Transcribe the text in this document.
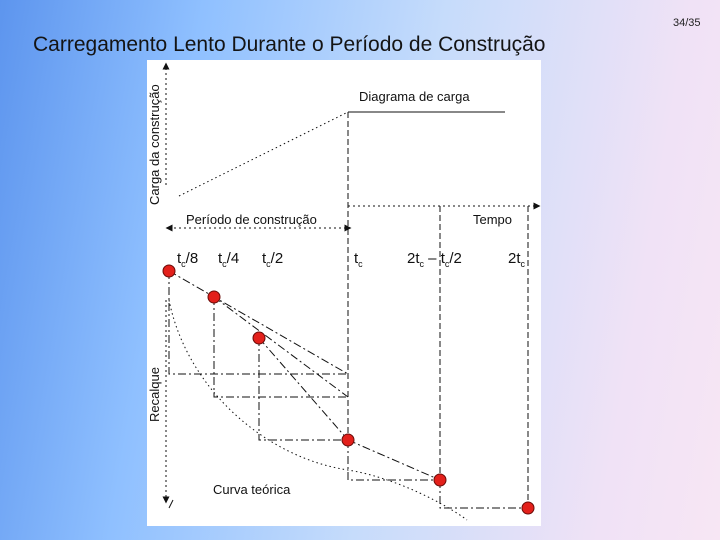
Carregamento Lento Durante o Período de Construção
34/35
Carga da construção	Diagrama de carga
Período de construção	Tempo
$t_c/8$ $t_c/4$ $t_c/2$	$t_c$	$2t_c - t_c/2$	$2t_c$
Recalque
Curva teórica
